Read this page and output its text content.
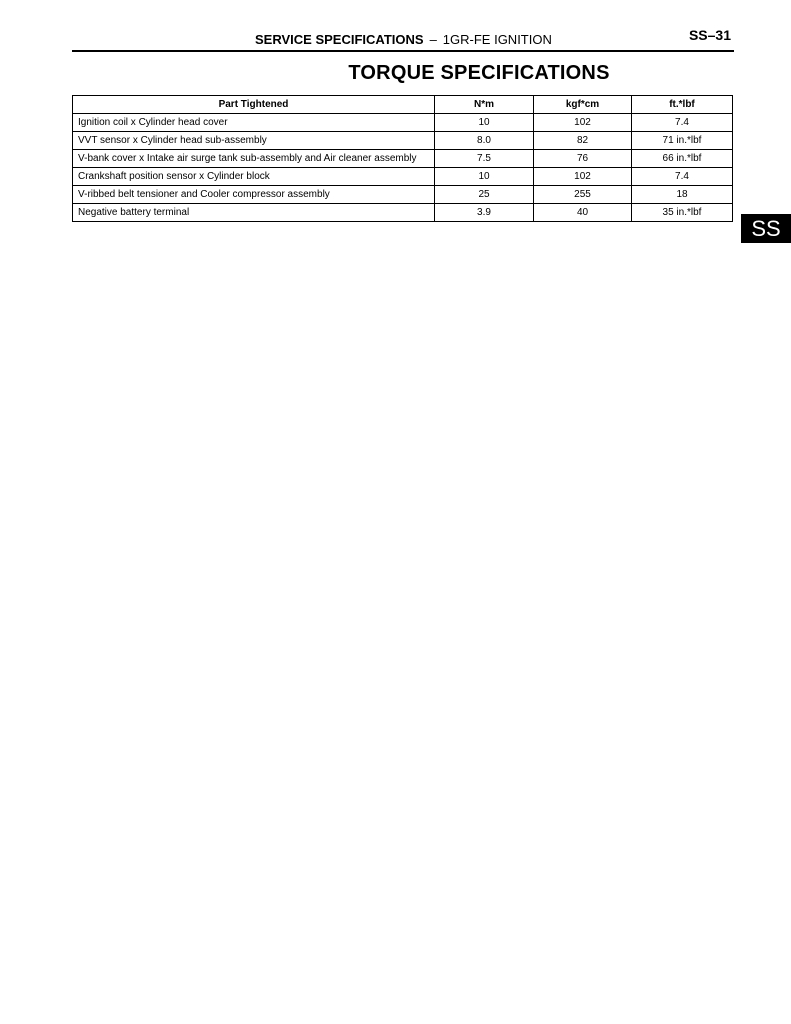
SERVICE SPECIFICATIONS – 1GR-FE IGNITION	SS–31
TORQUE SPECIFICATIONS
Part Tightened	N*m	kgf*cm	ft.*lbf
Ignition coil x Cylinder head cover	10	102	7.4
VVT sensor x Cylinder head sub-assembly	8.0	82	71 in.*lbf
V-bank cover x Intake air surge tank sub-assembly and Air cleaner assembly	7.5	76	66 in.*lbf
Crankshaft position sensor x Cylinder block	10	102	7.4
V-ribbed belt tensioner and Cooler compressor assembly	25	255	18
Negative battery terminal	3.9	40	35 in.*lbf
SS
